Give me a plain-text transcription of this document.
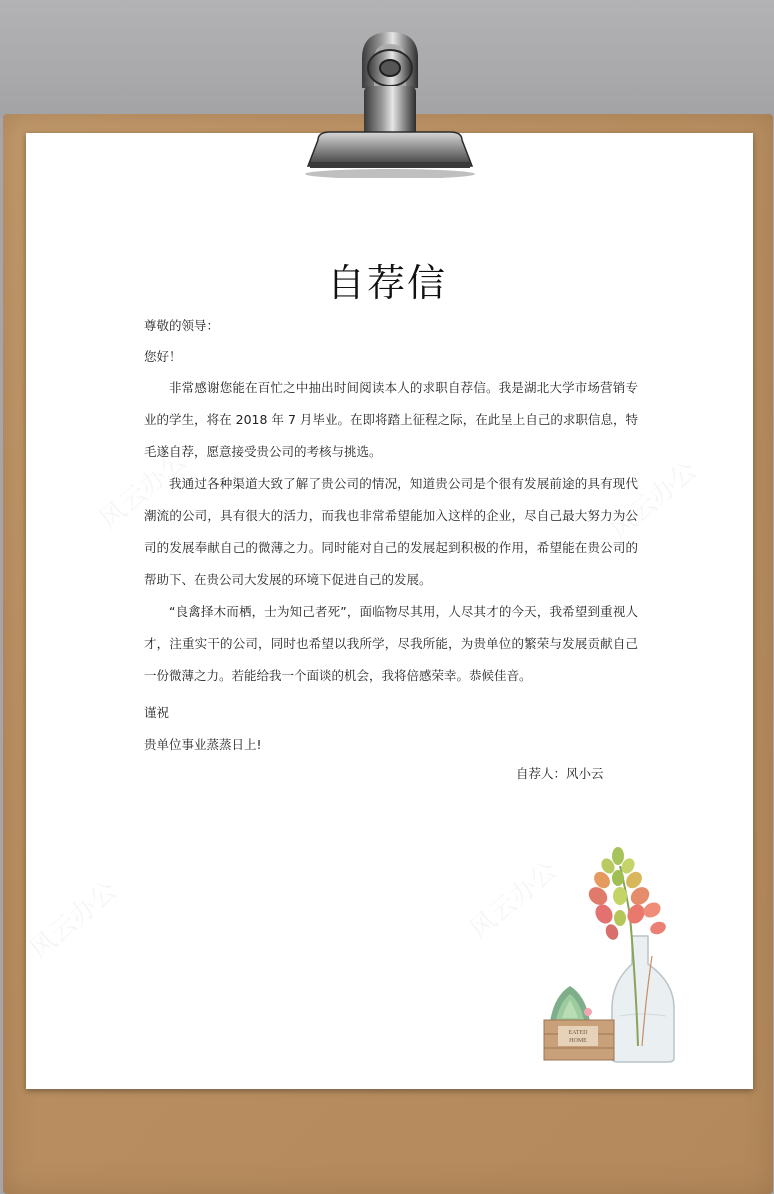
自荐信
尊敬的领导：
您好！

非常感谢您能在百忙之中抽出时间阅读本人的求职自荐信。我是湖北大学市场营销专业的学生，将在 2018 年 7 月毕业。在即将踏上征程之际，在此呈上自己的求职信息，特毛遂自荐，愿意接受贵公司的考核与挑选。

我通过各种渠道大致了解了贵公司的情况，知道贵公司是个很有发展前途的具有现代潮流的公司，具有很大的活力，而我也非常希望能加入这样的企业，尽自己最大努力为公司的发展奉献自己的微薄之力。同时能对自己的发展起到积极的作用，希望能在贵公司的帮助下、在贵公司大发展的环境下促进自己的发展。

“良禽择木而栖，士为知己者死”，面临物尽其用，人尽其才的今天，我希望到重视人才，注重实干的公司，同时也希望以我所学，尽我所能，为贵单位的繁荣与发展贡献自己一份微薄之力。若能给我一个面谈的机会，我将倍感荣幸。恭候佳音。

谨祝
贵单位事业蒸蒸日上!
自荐人：风小云
EATED
HOME
